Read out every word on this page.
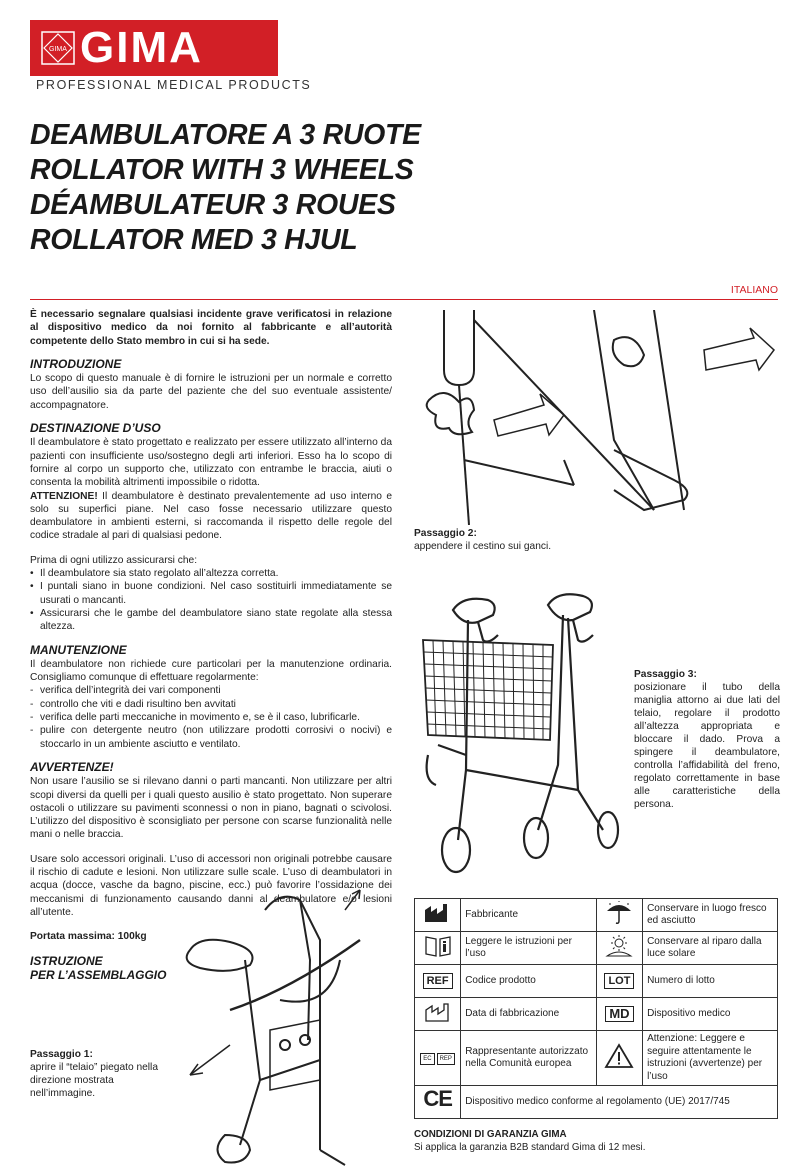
GIMA GIMA
PROFESSIONAL MEDICAL PRODUCTS
DEAMBULATORE A 3 RUOTE
ROLLATOR WITH 3 WHEELS
DÉAMBULATEUR 3 ROUES
ROLLATOR MED 3 HJUL
ITALIANO

È necessario segnalare qualsiasi incidente grave verificatosi in relazione al dispositivo medico da noi fornito al fabbricante e all’autorità competente dello Stato membro in cui si ha sede.

INTRODUZIONE

Lo scopo di questo manuale è di fornire le istruzioni per un normale e corretto uso dell’ausilio sia da parte del paziente che del suo eventuale assistente/ accompagnatore.

DESTINAZIONE D’USO

Il deambulatore è stato progettato e realizzato per essere utilizzato all’interno da pazienti con insufficiente uso/sostegno degli arti inferiori. Esso ha lo scopo di fornire al corpo un supporto che, utilizzato con entrambe le braccia, aiuti o consenta la mobilità altrimenti impossibile o ridotta.

ATTENZIONE! Il deambulatore è destinato prevalentemente ad uso interno e solo su superfici piane. Nel caso fosse necessario utilizzare questo deambulatore in ambienti esterni, si raccomanda il rispetto delle regole del codice stradale al pari di qualsiasi pedone.

Prima di ogni utilizzo assicurarsi che:

• Il deambulatore sia stato regolato all’altezza corretta.
• I puntali siano in buone condizioni. Nel caso sostituirli immediatamente se usurati o mancanti.
• Assicurarsi che le gambe del deambulatore siano state regolate alla stessa altezza.
MANUTENZIONE

Il deambulatore non richiede cure particolari per la manutenzione ordinaria. Consigliamo comunque di effettuare regolarmente:

- verifica dell’integrità dei vari componenti
- controllo che viti e dadi risultino ben avvitati
- verifica delle parti meccaniche in movimento e, se è il caso, lubrificarle.
- pulire con detergente neutro (non utilizzare prodotti corrosivi o nocivi) e stoccarlo in un ambiente asciutto e ventilato.
AVVERTENZE!

Non usare l’ausilio se si rilevano danni o parti mancanti. Non utilizzare per altri scopi diversi da quelli per i quali questo ausilio è stato progettato. Non superare ostacoli o utilizzare su pavimenti sconnessi o non in piano, bagnati o scivolosi. L’utilizzo del dispositivo è sconsigliato per persone con scarse funzionalità nelle mani o nelle braccia.

Usare solo accessori originali. L’uso di accessori non originali potrebbe causare il rischio di cadute e lesioni. Non utilizzare sulle scale. L’uso di deambulatori in acqua (docce, vasche da bagno, piscine, ecc.) può favorire l’ossidazione dei meccanismi di funzionamento causando danni al deambulatore e/o lesioni all’utente.

Portata massima: 100kg

ISTRUZIONE
PER L’ASSEMBLAGGIO
Passaggio 1:
aprire il “telaio” piegato nella direzione mostrata nell’immagine.
Passaggio 2:
appendere il cestino sui ganci.
Passaggio 3:
posizionare il tubo della maniglia attorno ai due lati del telaio, regolare il prodotto all’altezza appropriata e bloccare il dado. Prova a spingere il deambulatore, controlla l’affidabilità del freno, regolato correttamente in base alle caratteristiche della persona.
	Fabbricante		Conservare in luogo fresco ed asciutto
	Leggere le istruzioni per l’uso		Conservare al riparo dalla luce solare
REF	Codice prodotto	LOT	Numero di lotto
	Data di fabbricazione	MD	Dispositivo medico
EC REP	Rappresentante autorizzato nella Comunità europea		Attenzione: Leggere e seguire attentamente le istruzioni (avvertenze) per l’uso
CE	Dispositivo medico conforme al regolamento (UE) 2017/745		
CONDIZIONI DI GARANZIA GIMA
Si applica la garanzia B2B standard Gima di 12 mesi.
